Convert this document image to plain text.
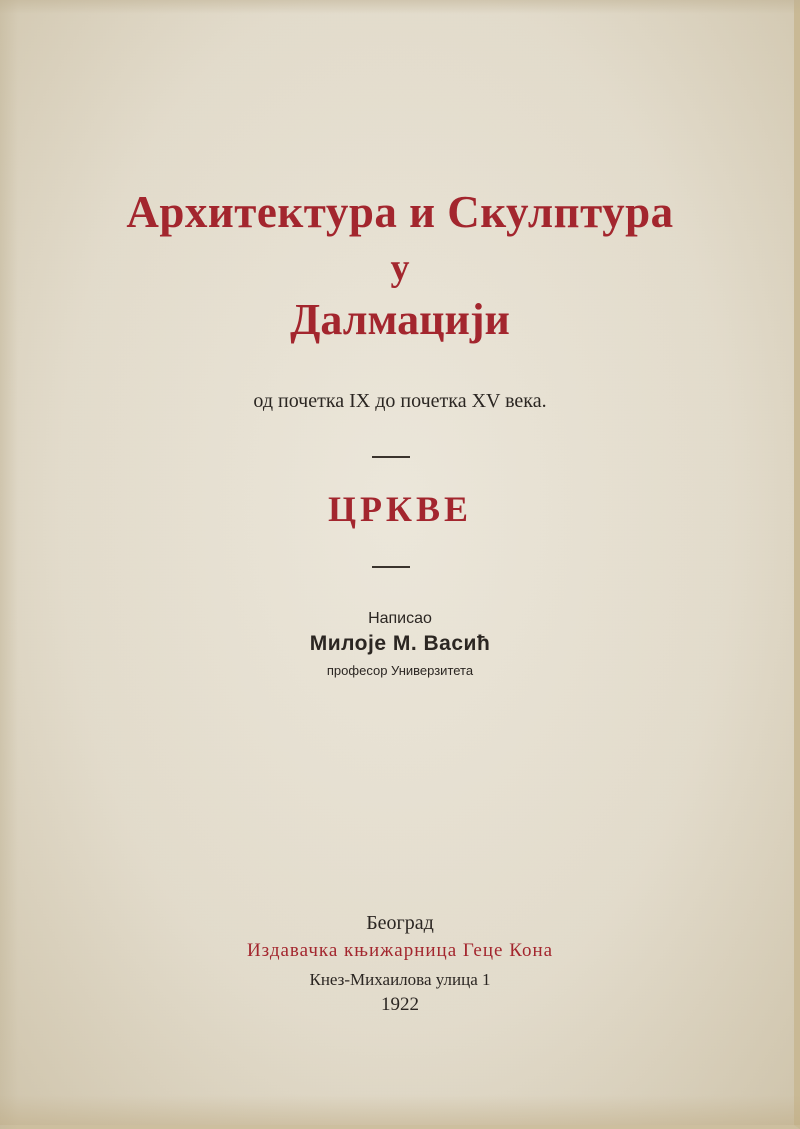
Архитектура и Скулптура
у
Далмацији
од почетка IX до почетка XV века.
ЦРКВЕ
Написао
Милоје М. Васић
професор Универзитета
Београд
Издавачка књижарница Геце Кона
Кнез-Михаилова улица 1
1922
